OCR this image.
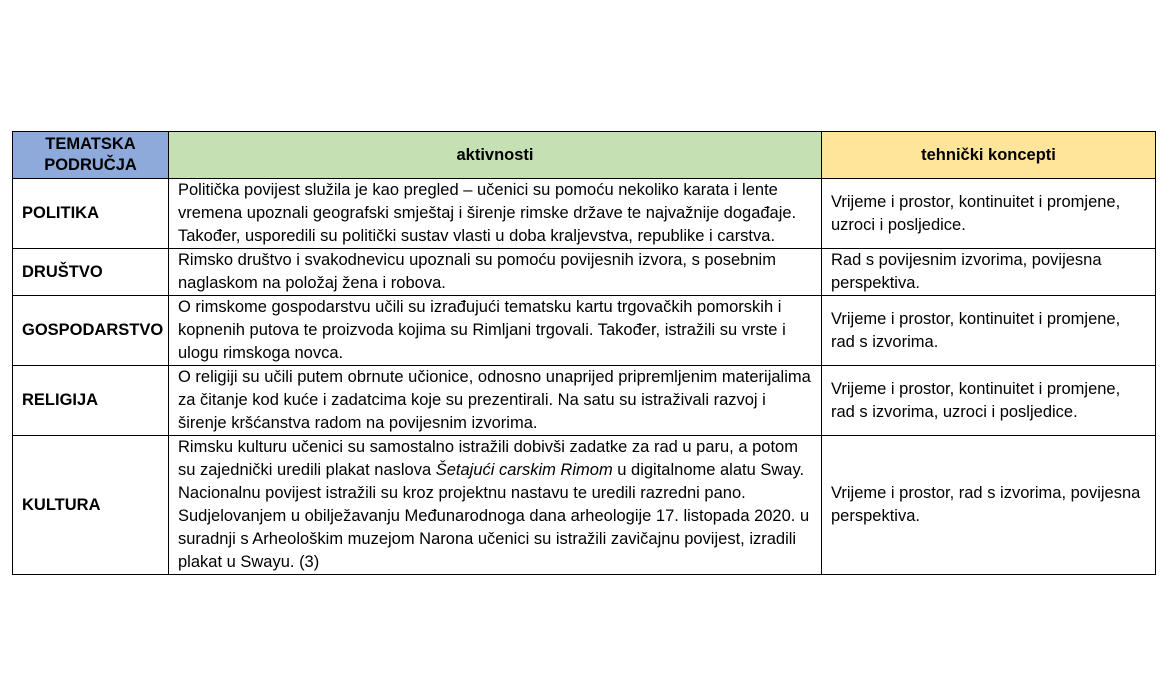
TEMATSKA PODRUČJA	aktivnosti	tehnički koncepti
POLITIKA	Politička povijest služila je kao pregled – učenici su pomoću nekoliko karata i lente vremena upoznali geografski smještaj i širenje rimske države te najvažnije događaje. Također, usporedili su politički sustav vlasti u doba kraljevstva, republike i carstva.	Vrijeme i prostor, kontinuitet i promjene, uzroci i posljedice.
DRUŠTVO	Rimsko društvo i svakodnevicu upoznali su pomoću povijesnih izvora, s posebnim naglaskom na položaj žena i robova.	Rad s povijesnim izvorima, povijesna perspektiva.
GOSPODARSTVO	O rimskome gospodarstvu učili su izrađujući tematsku kartu trgovačkih pomorskih i kopnenih putova te proizvoda kojima su Rimljani trgovali. Također, istražili su vrste i ulogu rimskoga novca.	Vrijeme i prostor, kontinuitet i promjene, rad s izvorima.
RELIGIJA	O religiji su učili putem obrnute učionice, odnosno unaprijed pripremljenim materijalima za čitanje kod kuće i zadatcima koje su prezentirali. Na satu su istraživali razvoj i širenje kršćanstva radom na povijesnim izvorima.	Vrijeme i prostor, kontinuitet i promjene, rad s izvorima, uzroci i posljedice.
KULTURA	Rimsku kulturu učenici su samostalno istražili dobivši zadatke za rad u paru, a potom su zajednički uredili plakat naslova Šetajući carskim Rimom u digitalnome alatu Sway. Nacionalnu povijest istražili su kroz projektnu nastavu te uredili razredni pano. Sudjelovanjem u obilježavanju Međunarodnoga dana arheologije 17. listopada 2020. u suradnji s Arheološkim muzejom Narona učenici su istražili zavičajnu povijest, izradili plakat u Swayu. (3)	Vrijeme i prostor, rad s izvorima, povijesna perspektiva.
